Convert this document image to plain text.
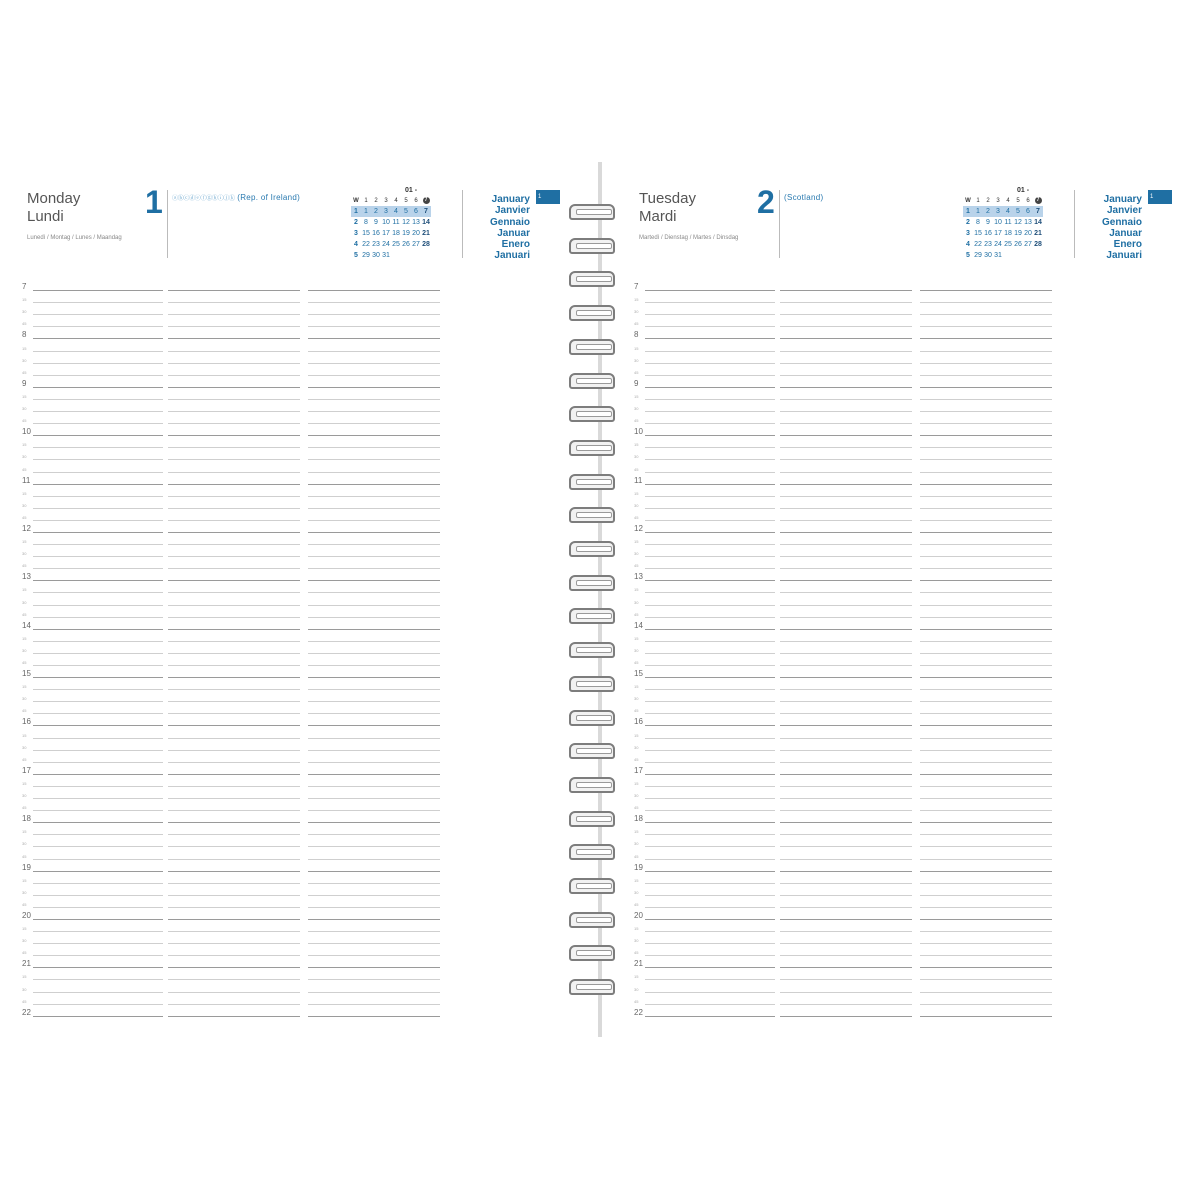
Monday
Lundi
Lunedì / Montag / Lunes / Maandag
1 ⓐⓑⓒⓓⓔⓕⓖⓗⓘⓙⓚ (Rep. of Ireland)
01 -
W	1	2	3	4	5	6	7
1	1	2	3	4	5	6	7
2	8	9	10	11	12	13	14
3	15	16	17	18	19	20	21
4	22	23	24	25	26	27	28
5	29	30	31				
January
Janvier
Gennaio
Januar
Enero
Januari
1
7
15
30
45
8
15
30
45
9
15
30
45
10
15
30
45
11
15
30
45
12
15
30
45
13
15
30
45
14
15
30
45
15
15
30
45
16
15
30
45
17
15
30
45
18
15
30
45
19
15
30
45
20
15
30
45
21
15
30
45
22
Tuesday
Mardi
Martedì / Dienstag / Martes / Dinsdag
2 (Scotland)
01 -
W	1	2	3	4	5	6	7
1	1	2	3	4	5	6	7
2	8	9	10	11	12	13	14
3	15	16	17	18	19	20	21
4	22	23	24	25	26	27	28
5	29	30	31				
January
Janvier
Gennaio
Januar
Enero
Januari
1
7
15
30
45
8
15
30
45
9
15
30
45
10
15
30
45
11
15
30
45
12
15
30
45
13
15
30
45
14
15
30
45
15
15
30
45
16
15
30
45
17
15
30
45
18
15
30
45
19
15
30
45
20
15
30
45
21
15
30
45
22
